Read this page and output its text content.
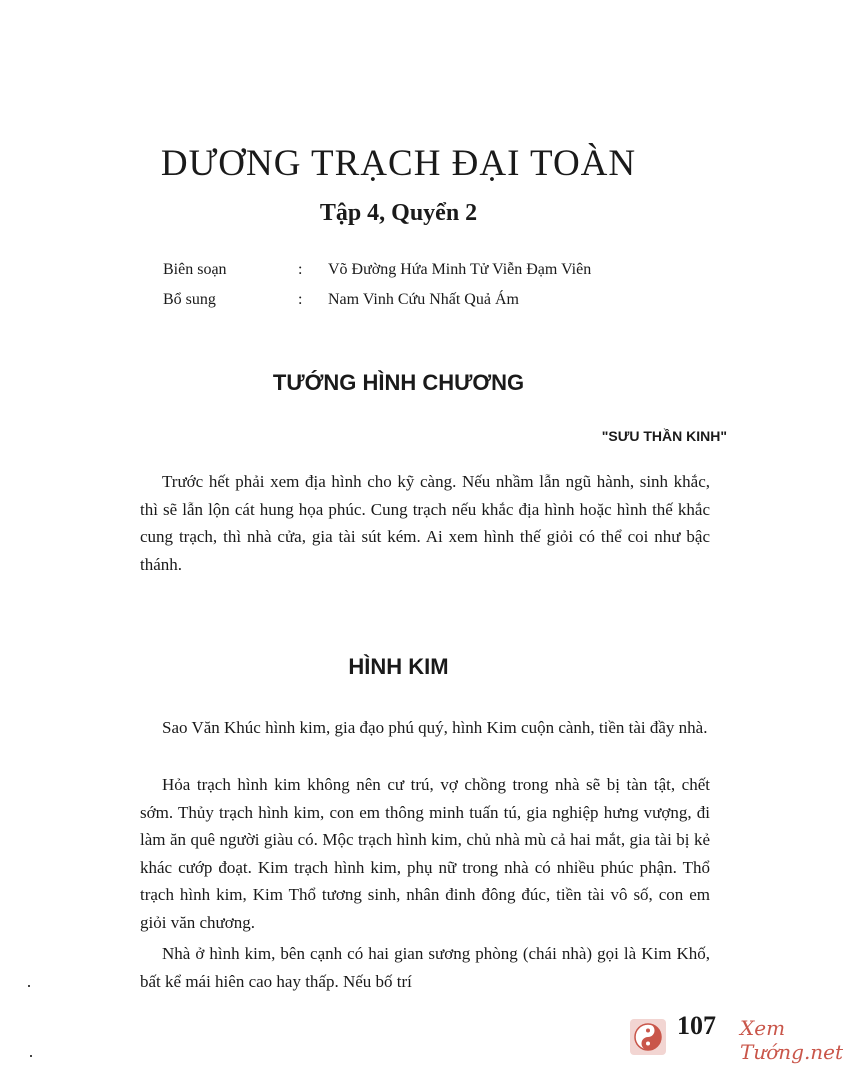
DƯƠNG TRẠCH ĐẠI TOÀN
Tập 4, Quyển 2
Biên soạn	:	Võ Đường Hứa Minh Tử Viễn Đạm Viên
Bổ sung	:	Nam Vinh Cứu Nhất Quả Ám
TƯỚNG HÌNH CHƯƠNG
"SƯU THẦN KINH"

Trước hết phải xem địa hình cho kỹ càng. Nếu nhầm lẫn ngũ hành, sinh khắc, thì sẽ lẫn lộn cát hung họa phúc. Cung trạch nếu khắc địa hình hoặc hình thế khắc cung trạch, thì nhà cửa, gia tài sút kém. Ai xem hình thế giỏi có thể coi như bậc thánh.

HÌNH KIM

Sao Văn Khúc hình kim, gia đạo phú quý, hình Kim cuộn cành, tiền tài đầy nhà.

Hỏa trạch hình kim không nên cư trú, vợ chồng trong nhà sẽ bị tàn tật, chết sớm. Thủy trạch hình kim, con em thông minh tuấn tú, gia nghiệp hưng vượng, đi làm ăn quê người giàu có. Mộc trạch hình kim, chủ nhà mù cả hai mắt, gia tài bị kẻ khác cướp đoạt. Kim trạch hình kim, phụ nữ trong nhà có nhiều phúc phận. Thổ trạch hình kim, Kim Thổ tương sinh, nhân đinh đông đúc, tiền tài vô số, con em giỏi văn chương.

Nhà ở hình kim, bên cạnh có hai gian sương phòng (chái nhà) gọi là Kim Khố, bất kể mái hiên cao hay thấp. Nếu bố trí

Xem Tướng.net
107
